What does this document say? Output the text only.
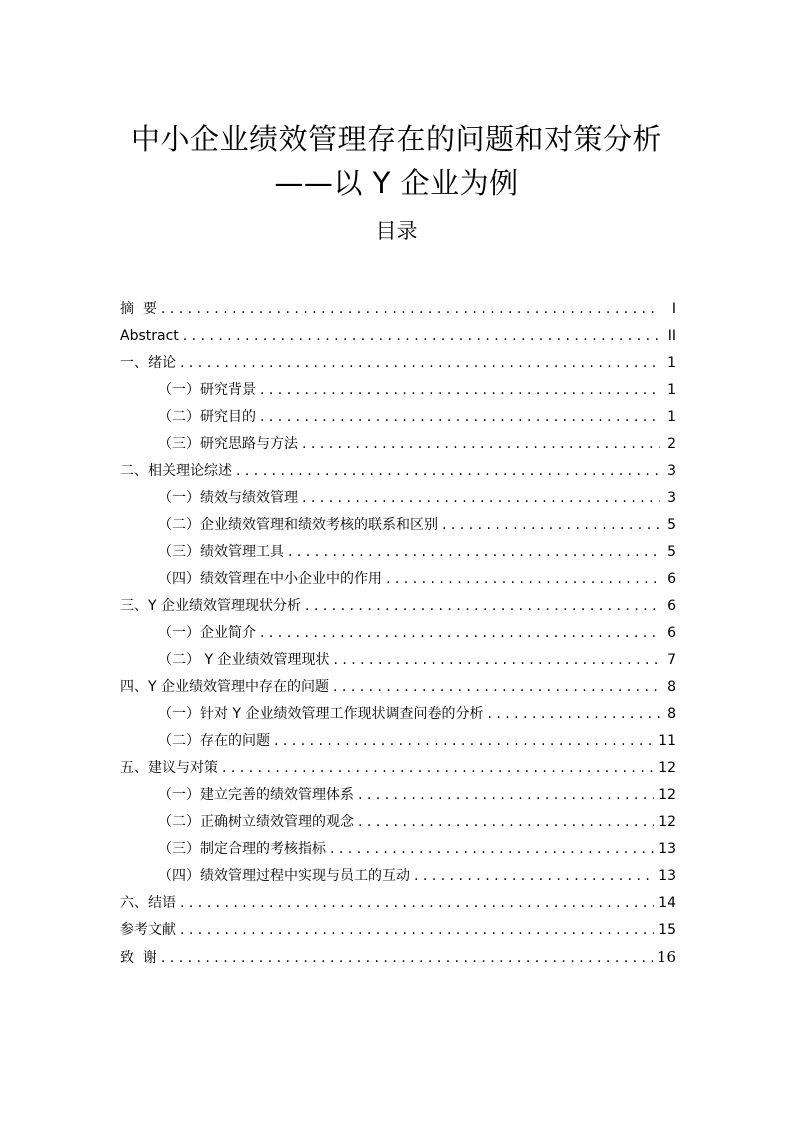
中小企业绩效管理存在的问题和对策分析
——以 Y 企业为例
目录
摘  要 . . .	I
Abstract . . .	II
一、绪论 . . .	1
（一）研究背景 . . .	1
（二）研究目的 . . .	1
（三）研究思路与方法 . . .	2
二、相关理论综述 . . .	3
（一）绩效与绩效管理 . . .	3
（二）企业绩效管理和绩效考核的联系和区别 . . .	5
（三）绩效管理工具 . . .	5
（四）绩效管理在中小企业中的作用 . . .	6
三、Y 企业绩效管理现状分析 . . .	6
（一）企业简介 . . .	6
（二） Y 企业绩效管理现状 . . .	7
四、Y 企业绩效管理中存在的问题 . . .	8
（一）针对 Y 企业绩效管理工作现状调查问卷的分析 . . .	8
（二）存在的问题 . . .	11
五、建议与对策 . . .	12
（一）建立完善的绩效管理体系 . . .	12
（二）正确树立绩效管理的观念 . . .	12
（三）制定合理的考核指标 . . .	13
（四）绩效管理过程中实现与员工的互动 . . .	13
六、结语 . . .	14
参考文献 . . .	15
致  谢 . . .	16
